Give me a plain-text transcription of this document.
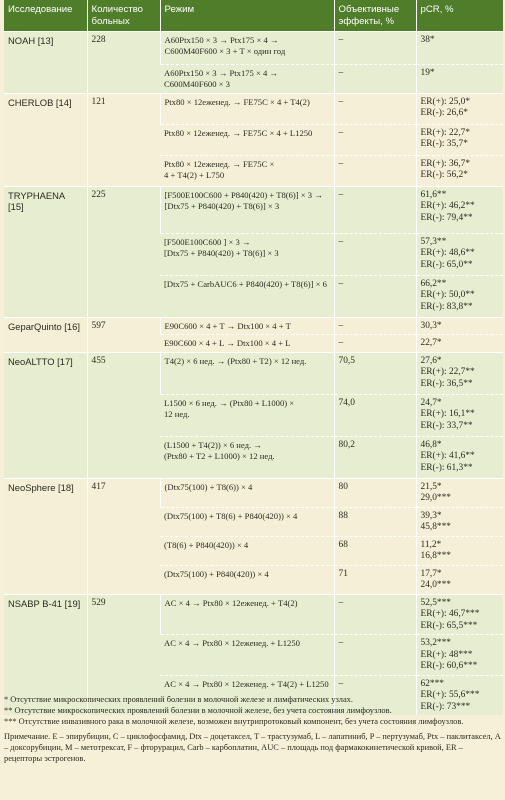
Исследование	Количество больных	Режим	Объективные эффекты, %	pCR, %
NOAH [13]	228	A60Ptx150 × 3 → Ptx175 × 4 → C600M40F600 × 3 + T × один год	–	38*
		A60Ptx150 × 3 → Ptx175 × 4 → C600M40F600 × 3	–	19*
CHERLOB [14]	121	Ptx80 × 12еженед. → FE75C × 4 + T4(2)	–	ER(+): 25,0*
ER(-): 26,6*
		Ptx80 × 12еженед. → FE75C × 4 + L1250	–	ER(+): 22,7*
ER(-): 35,7*
		Ptx80 × 12еженед. → FE75C ×
4 + T4(2) + L750	–	ER(+): 36,7*
ER(-): 56,2*
TRYPHAENA [15]	225	[F500E100C600 + P840(420) + T8(6)] × 3 →
[Dtx75 + P840(420) + T8(6)] × 3	–	61,6**
ER(+): 46,2**
ER(-): 79,4**
		[F500E100C600 ] × 3 →
[Dtx75 + P840(420) + T8(6)] × 3	–	57,3**
ER(+): 48,6**
ER(-): 65,0**
		[Dtx75 + CarbAUC6 + P840(420) + T8(6)] × 6	–	66,2**
ER(+): 50,0**
ER(-): 83,8**
GeparQuinto [16]	597	E90C600 × 4 + T → Dtx100 × 4 + T	–	30,3*
		E90C600 × 4 + L → Dtx100 × 4 + L	–	22,7*
NeoALTTO [17]	455	T4(2) × 6 нед. → (Ptx80 + T2) × 12 нед.	70,5	27,6*
ER(+): 22,7**
ER(-): 36,5**
		L1500 × 6 нед. → (Ptx80 + L1000) ×
12 нед.	74,0	24,7*
ER(+): 16,1**
ER(-): 33,7**
		(L1500 + T4(2)) × 6 нед. →
(Ptx80 + T2 + L1000) × 12 нед.	80,2	46,8*
ER(+): 41,6**
ER(-): 61,3**
NeoSphere [18]	417	(Dtx75(100) + T8(6)) × 4	80	21,5*
29,0***
		(Dtx75(100) + T8(6) + P840(420)) × 4	88	39,3*
45,8***
		(T8(6) + P840(420)) × 4	68	11,2*
16,8***
		(Dtx75(100) + P840(420)) × 4	71	17,7*
24,0***
NSABP B-41 [19]	529	AC × 4 → Ptx80 × 12еженед. + T4(2)	–	52,5***
ER(+): 46,7***
ER(-): 65,5***
		AC × 4 → Ptx80 × 12еженед. + L1250	–	53,2***
ER(+): 48***
ER(-): 60,6***
		AC × 4 → Ptx80 × 12еженед. + T4(2) + L1250	–	62***
ER(+): 55,6***
ER(-): 73***

* Отсутствие микроскопических проявлений болезни в молочной железе и лимфатических узлах.

** Отсутствие микроскопических проявлений болезни в молочной железе, без учета состояния лимфоузлов.

*** Отсутствие инвазивного рака в молочной железе, возможен внутрипротоковый компонент, без учета состояния лимфоузлов.

Примечание. E – эпирубицин, C – циклофосфамид, Dtx – доцетаксел, T – трастузумаб, L – лапатиниб, P – пертузумаб, Ptx – паклитаксел, A – доксорубицин, M – метотрексат, F – фторурацил, Carb – карбоплатин, AUC – площадь под фармакокинетической кривой, ER – рецепторы эстрогенов.
